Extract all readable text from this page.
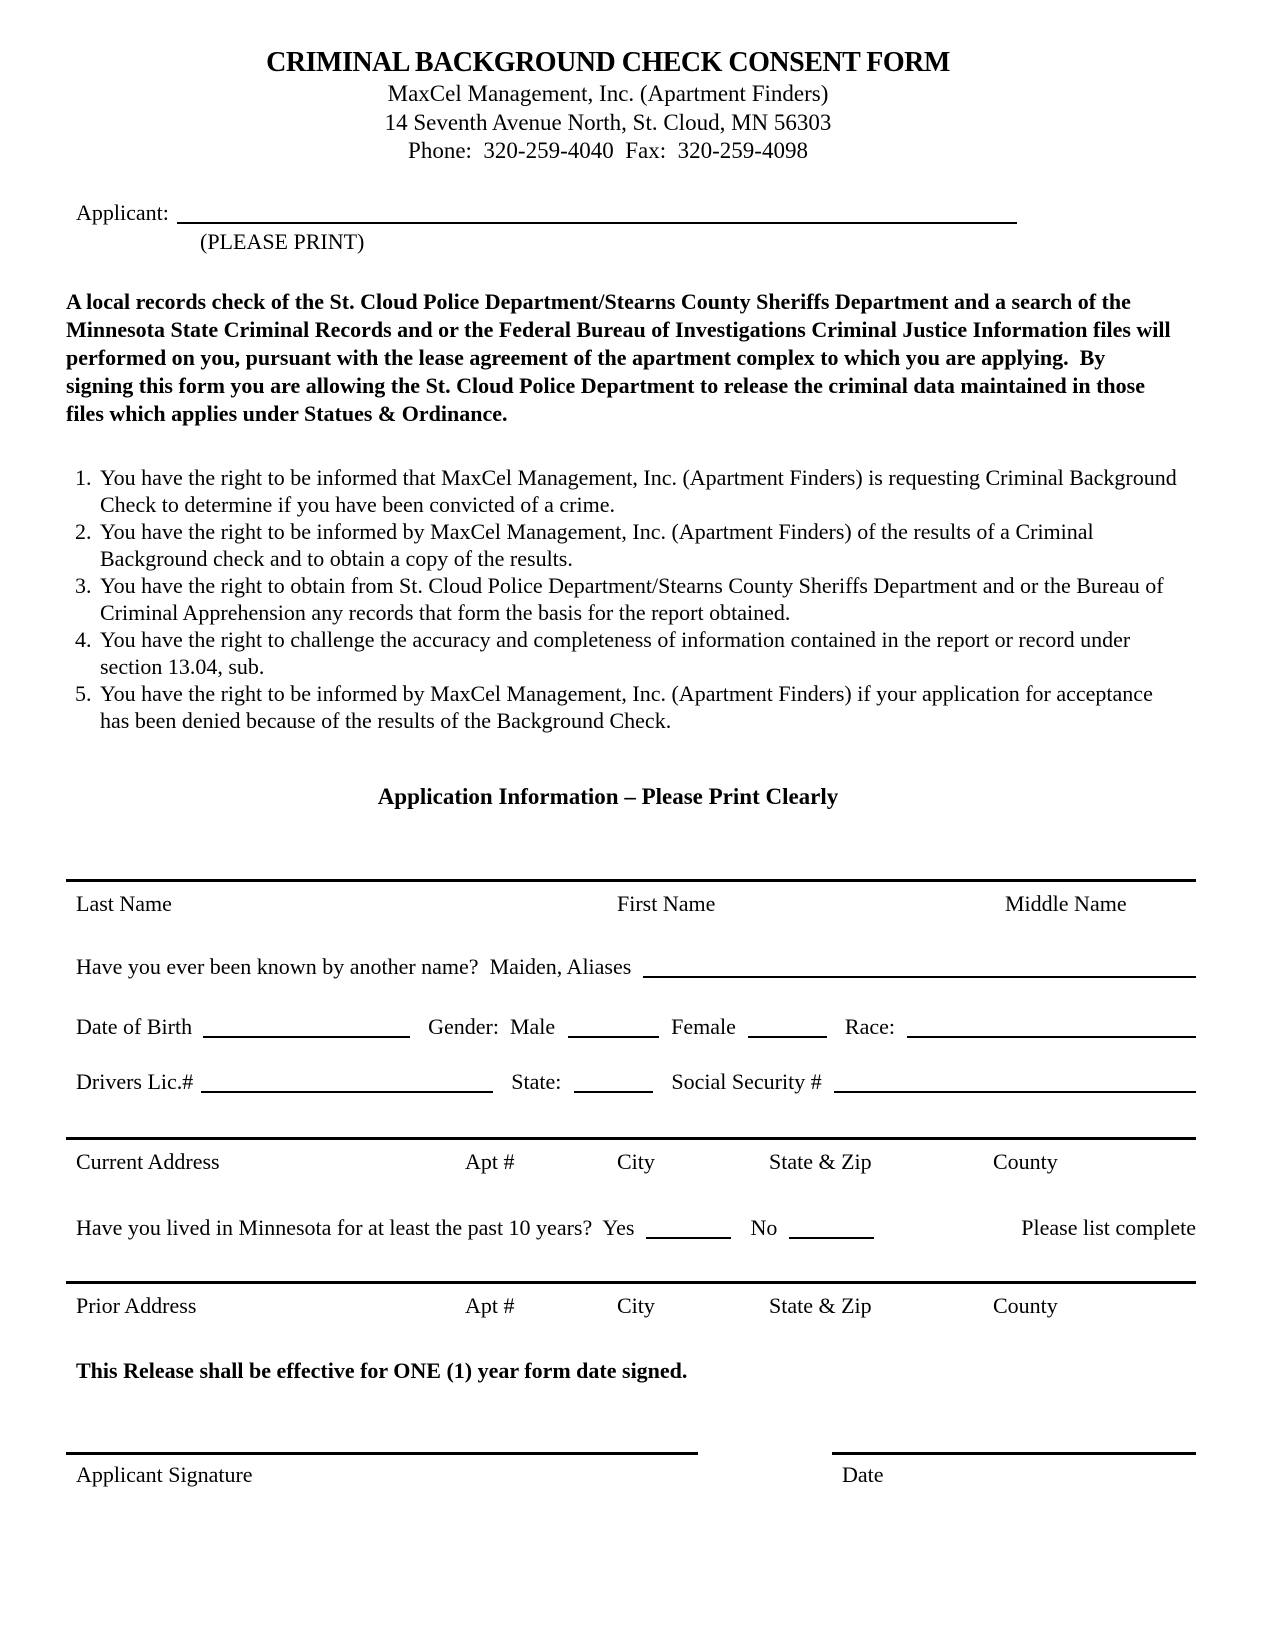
CRIMINAL BACKGROUND CHECK CONSENT FORM
MaxCel Management, Inc. (Apartment Finders)
14 Seventh Avenue North, St. Cloud, MN 56303
Phone:  320-259-4040  Fax:  320-259-4098
Applicant:
(PLEASE PRINT)
A local records check of the St. Cloud Police Department/Stearns County Sheriffs Department and a search of the Minnesota State Criminal Records and or the Federal Bureau of Investigations Criminal Justice Information files will performed on you, pursuant with the lease agreement of the apartment complex to which you are applying.  By signing this form you are allowing the St. Cloud Police Department to release the criminal data maintained in those files which applies under Statues & Ordinance.
1. You have the right to be informed that MaxCel Management, Inc. (Apartment Finders) is requesting Criminal Background Check to determine if you have been convicted of a crime.
2. You have the right to be informed by MaxCel Management, Inc. (Apartment Finders) of the results of a Criminal Background check and to obtain a copy of the results.
3. You have the right to obtain from St. Cloud Police Department/Stearns County Sheriffs Department and or the Bureau of Criminal Apprehension any records that form the basis for the report obtained.
4. You have the right to challenge the accuracy and completeness of information contained in the report or record under section 13.04, sub.
5. You have the right to be informed by MaxCel Management, Inc. (Apartment Finders) if your application for acceptance has been denied because of the results of the Background Check.
Application Information – Please Print Clearly
Last Name	First Name	Middle Name
Have you ever been known by another name?  Maiden, Aliases
Date of Birth	Gender:  Male	Female	Race:
Drivers Lic.#	State:	Social Security #
Current Address	Apt #	City	State & Zip	County
Have you lived in Minnesota for at least the past 10 years?  Yes	No	Please list complete
Prior Address	Apt #	City	State & Zip	County
This Release shall be effective for ONE (1) year form date signed.
Applicant Signature	Date
